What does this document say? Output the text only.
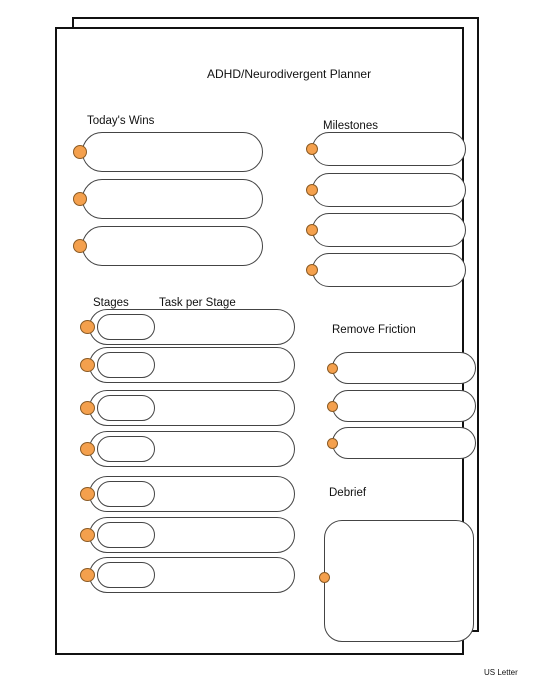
ADHD/Neurodivergent Planner
Today's Wins	Milestones
Stages	Task per Stage
Remove Friction
Debrief
US Letter
